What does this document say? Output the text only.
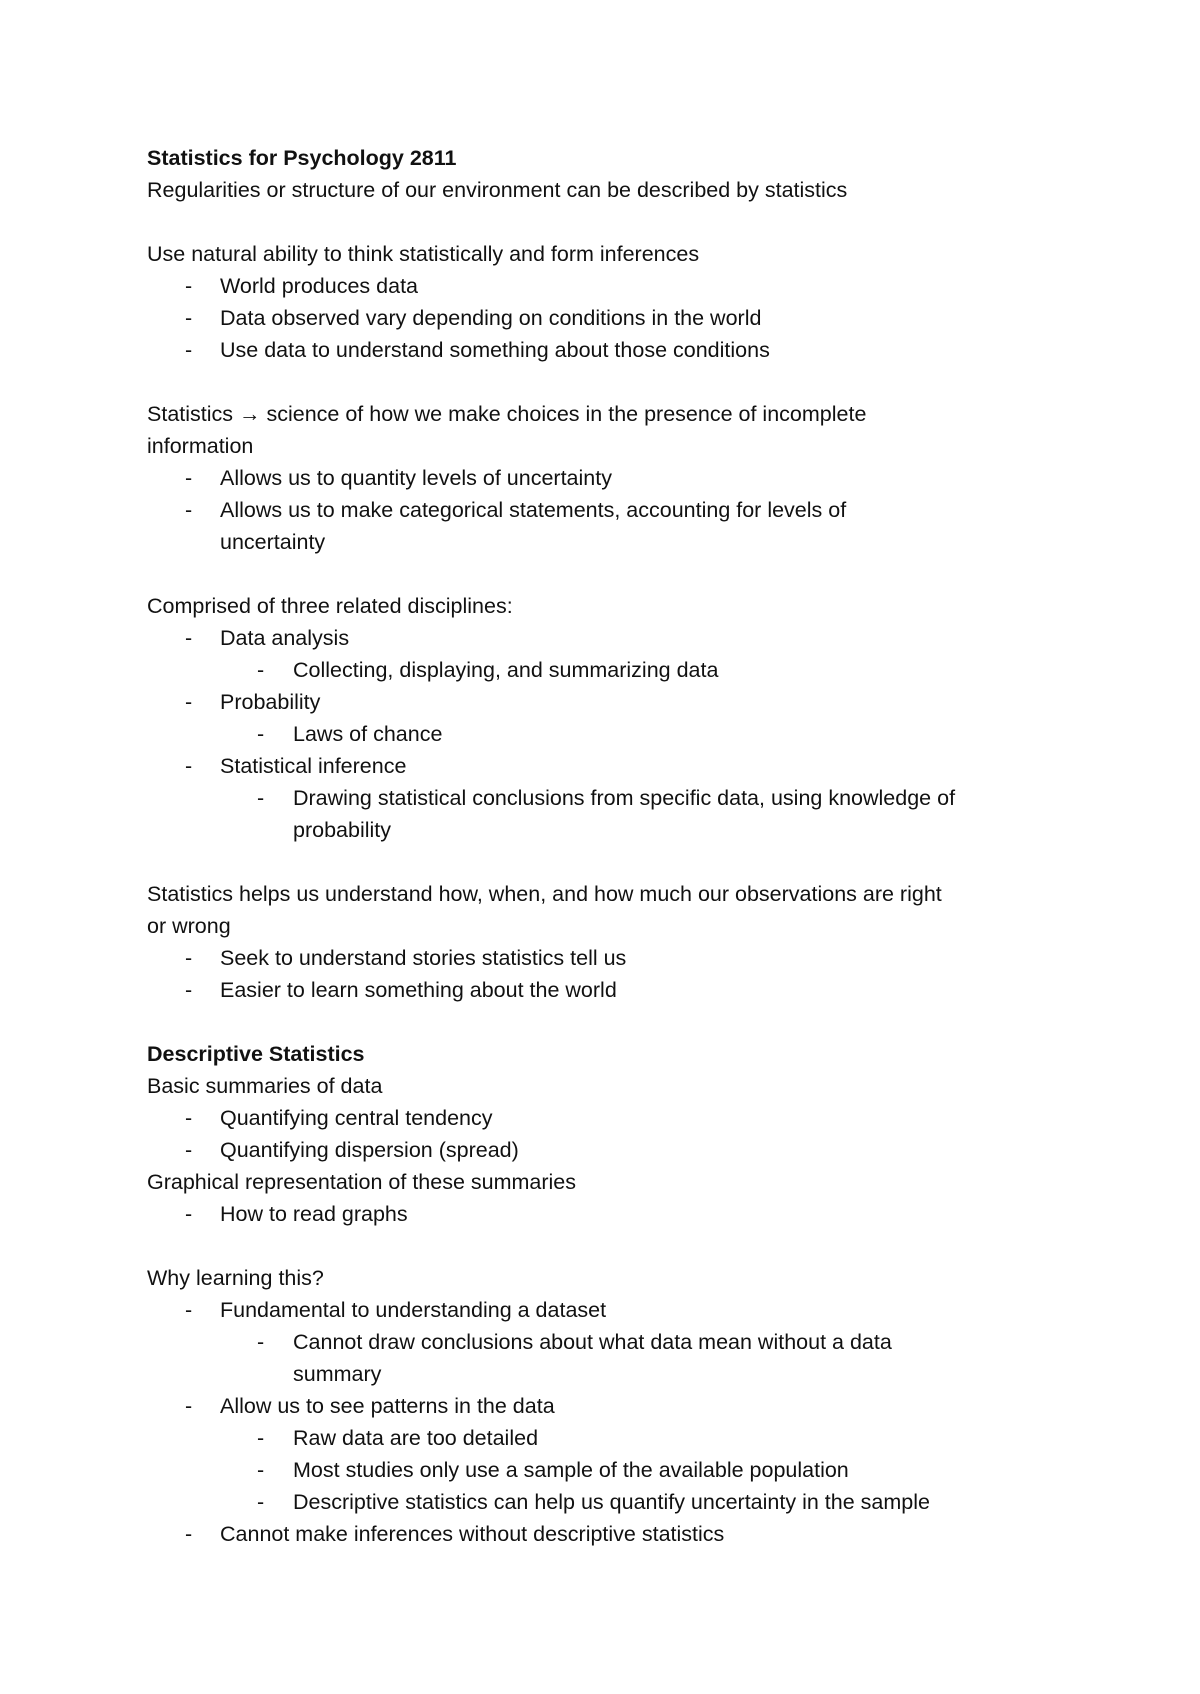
Statistics for Psychology 2811
Regularities or structure of our environment can be described by statistics
Use natural ability to think statistically and form inferences
- World produces data
- Data observed vary depending on conditions in the world
- Use data to understand something about those conditions
Statistics → science of how we make choices in the presence of incomplete
information
- Allows us to quantity levels of uncertainty
- Allows us to make categorical statements, accounting for levels of
uncertainty
Comprised of three related disciplines:
- Data analysis
- Collecting, displaying, and summarizing data
- Probability
- Laws of chance
- Statistical inference
- Drawing statistical conclusions from specific data, using knowledge of
probability
Statistics helps us understand how, when, and how much our observations are right
or wrong
- Seek to understand stories statistics tell us
- Easier to learn something about the world
Descriptive Statistics
Basic summaries of data
- Quantifying central tendency
- Quantifying dispersion (spread)
Graphical representation of these summaries
- How to read graphs
Why learning this?
- Fundamental to understanding a dataset
- Cannot draw conclusions about what data mean without a data
summary
- Allow us to see patterns in the data
- Raw data are too detailed
- Most studies only use a sample of the available population
- Descriptive statistics can help us quantify uncertainty in the sample
- Cannot make inferences without descriptive statistics
